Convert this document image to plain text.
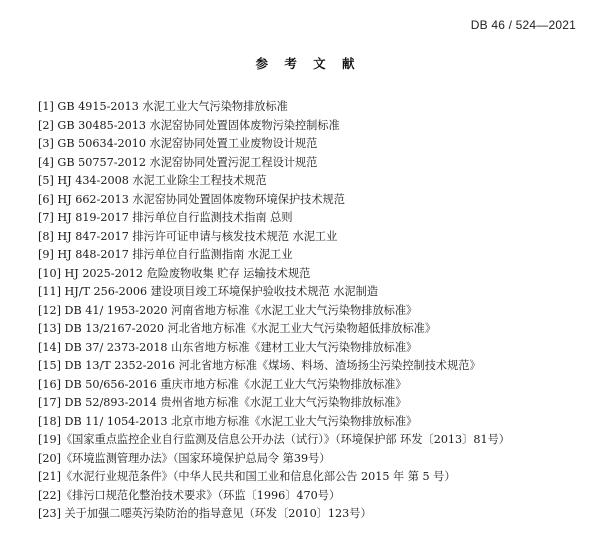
DB 46 / 524—2021
参 考 文 献
[1] GB 4915-2013 水泥工业大气污染物排放标准
[2] GB 30485-2013 水泥窑协同处置固体废物污染控制标准
[3] GB 50634-2010 水泥窑协同处置工业废物设计规范
[4] GB 50757-2012 水泥窑协同处置污泥工程设计规范
[5] HJ 434-2008 水泥工业除尘工程技术规范
[6] HJ 662-2013 水泥窑协同处置固体废物环境保护技术规范
[7] HJ 819-2017 排污单位自行监测技术指南 总则
[8] HJ 847-2017 排污许可证申请与核发技术规范 水泥工业
[9] HJ 848-2017 排污单位自行监测指南 水泥工业
[10] HJ 2025-2012 危险废物收集 贮存 运输技术规范
[11] HJ/T 256-2006 建设项目竣工环境保护验收技术规范 水泥制造
[12] DB 41/ 1953-2020 河南省地方标准《水泥工业大气污染物排放标准》
[13] DB 13/2167-2020 河北省地方标准《水泥工业大气污染物超低排放标准》
[14] DB 37/ 2373-2018 山东省地方标准《建材工业大气污染物排放标准》
[15] DB 13/T 2352-2016 河北省地方标准《煤场、料场、渣场扬尘污染控制技术规范》
[16] DB 50/656-2016 重庆市地方标准《水泥工业大气污染物排放标准》
[17] DB 52/893-2014 贵州省地方标准《水泥工业大气污染物排放标准》
[18] DB 11/ 1054-2013 北京市地方标准《水泥工业大气污染物排放标准》
[19]《国家重点监控企业自行监测及信息公开办法（试行）》（环境保护部 环发〔2013〕81号）
[20]《环境监测管理办法》（国家环境保护总局令 第39号）
[21]《水泥行业规范条件》（中华人民共和国工业和信息化部公告 2015 年 第 5 号）
[22]《排污口规范化整治技术要求》（环监〔1996〕470号）
[23] 关于加强二噁英污染防治的指导意见（环发〔2010〕123号）
